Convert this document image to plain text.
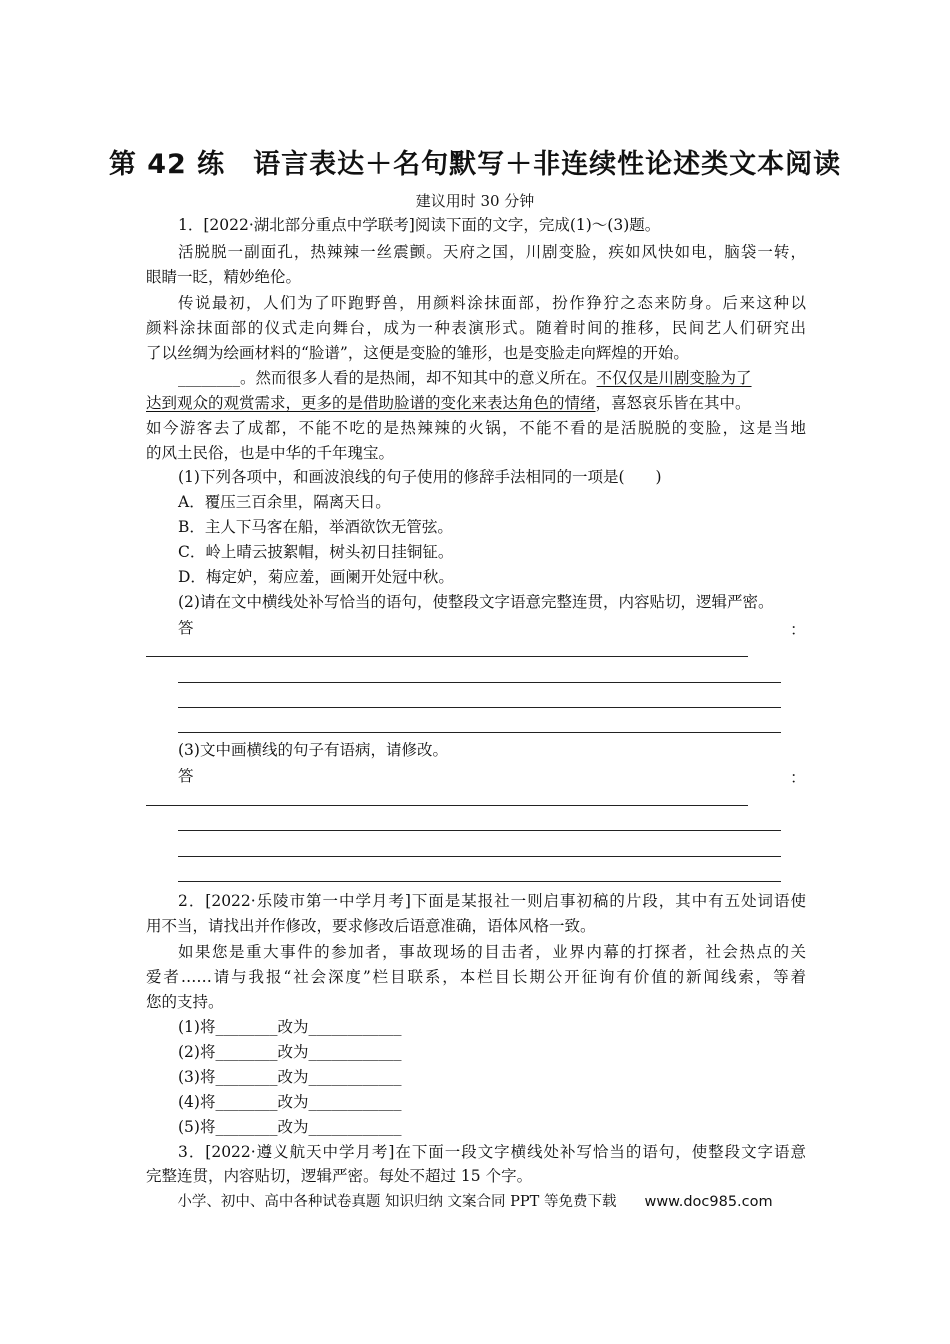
第 42 练　语言表达＋名句默写＋非连续性论述类文本阅读
建议用时 30 分钟
1．[2022·湖北部分重点中学联考]阅读下面的文字，完成(1)～(3)题。
活脱脱一副面孔，热辣辣一丝震颤。天府之国，川剧变脸，疾如风快如电，脑袋一转，
眼睛一眨，精妙绝伦。
传说最初，人们为了吓跑野兽，用颜料涂抹面部，扮作狰狞之态来防身。后来这种以
颜料涂抹面部的仪式走向舞台，成为一种表演形式。随着时间的推移，民间艺人们研究出
了以丝绸为绘画材料的“脸谱”，这便是变脸的雏形，也是变脸走向辉煌的开始。
________。然而很多人看的是热闹，却不知其中的意义所在。不仅仅是川剧变脸为了
达到观众的观赏需求，更多的是借助脸谱的变化来表达角色的情绪，喜怒哀乐皆在其中。
如今游客去了成都，不能不吃的是热辣辣的火锅，不能不看的是活脱脱的变脸，这是当地
的风土民俗，也是中华的千年瑰宝。
(1)下列各项中，和画波浪线的句子使用的修辞手法相同的一项是(　　)
A．覆压三百余里，隔离天日。
B．主人下马客在船，举酒欲饮无管弦。
C．岭上晴云披絮帽，树头初日挂铜钲。
D．梅定妒，菊应羞，画阑开处冠中秋。
(2)请在文中横线处补写恰当的语句，使整段文字语意完整连贯，内容贴切，逻辑严密。
答	：
(3)文中画横线的句子有语病，请修改。
答	：
2．[2022·乐陵市第一中学月考]下面是某报社一则启事初稿的片段，其中有五处词语使
用不当，请找出并作修改，要求修改后语意准确，语体风格一致。
如果您是重大事件的参加者，事故现场的目击者，业界内幕的打探者，社会热点的关
爱者……请与我报“社会深度”栏目联系，本栏目长期公开征询有价值的新闻线索，等着
您的支持。
(1)将________改为____________
(2)将________改为____________
(3)将________改为____________
(4)将________改为____________
(5)将________改为____________
3．[2022·遵义航天中学月考]在下面一段文字横线处补写恰当的语句，使整段文字语意
完整连贯，内容贴切，逻辑严密。每处不超过 15 个字。
小学、初中、高中各种试卷真题 知识归纳 文案合同 PPT 等免费下载 www.doc985.com
